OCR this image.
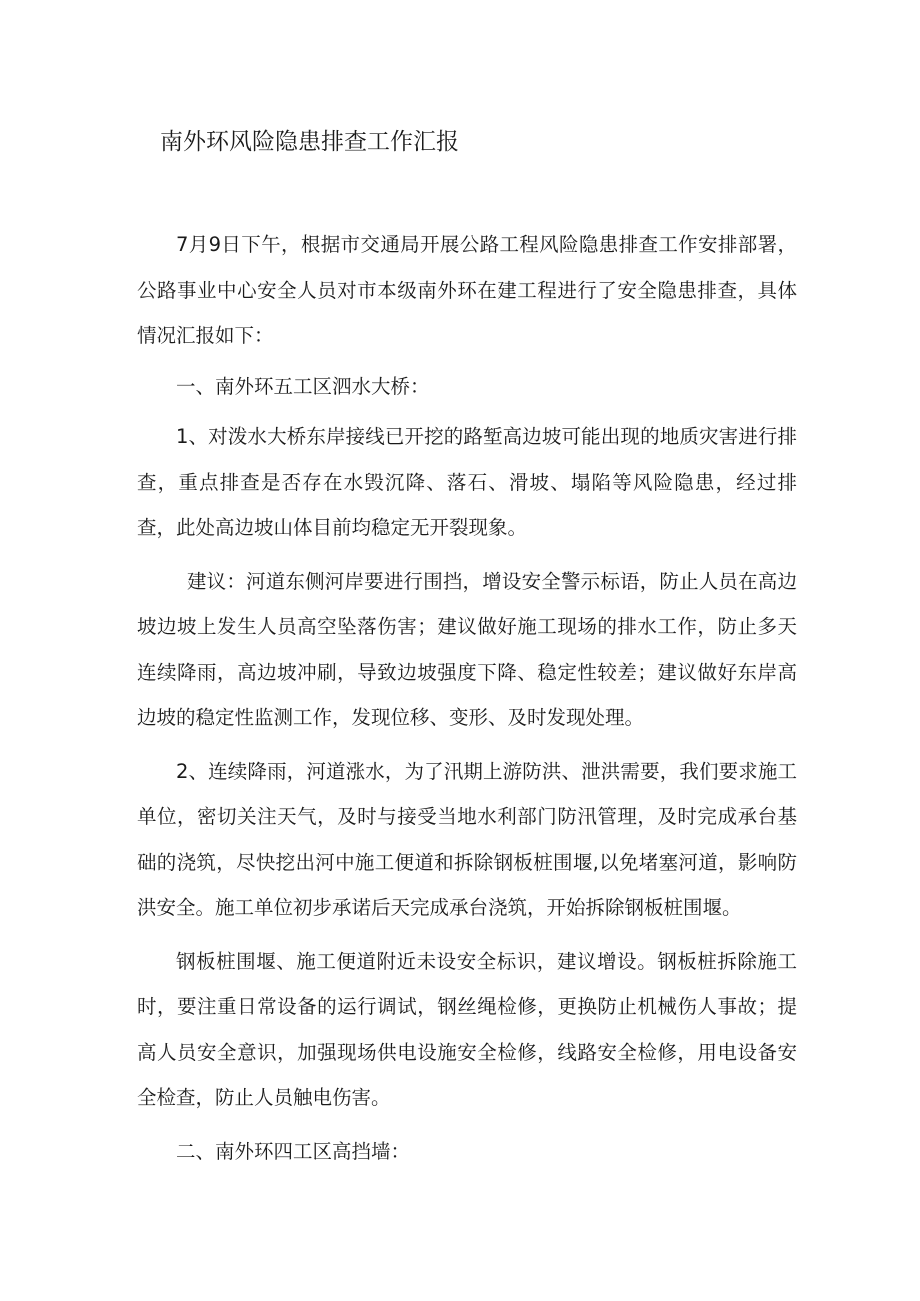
南外环风险隐患排查工作汇报

7月9日下午，根据市交通局开展公路工程风险隐患排查工作安排部署，公路事业中心安全人员对市本级南外环在建工程进行了安全隐患排查，具体情况汇报如下：

一、南外环五工区泗水大桥：

1、对泼水大桥东岸接线已开挖的路堑高边坡可能出现的地质灾害进行排查，重点排查是否存在水毁沉降、落石、滑坡、塌陷等风险隐患，经过排查，此处高边坡山体目前均稳定无开裂现象。

建议：河道东侧河岸要进行围挡，增设安全警示标语，防止人员在高边坡边坡上发生人员高空坠落伤害；建议做好施工现场的排水工作，防止多天连续降雨，高边坡冲刷，导致边坡强度下降、稳定性较差；建议做好东岸高边坡的稳定性监测工作，发现位移、变形、及时发现处理。

2、连续降雨，河道涨水，为了汛期上游防洪、泄洪需要，我们要求施工单位，密切关注天气，及时与接受当地水利部门防汛管理，及时完成承台基础的浇筑，尽快挖出河中施工便道和拆除钢板桩围堰,以免堵塞河道，影响防洪安全。施工单位初步承诺后天完成承台浇筑，开始拆除钢板桩围堰。

钢板桩围堰、施工便道附近未设安全标识，建议增设。钢板桩拆除施工时，要注重日常设备的运行调试，钢丝绳检修，更换防止机械伤人事故；提高人员安全意识，加强现场供电设施安全检修，线路安全检修，用电设备安全检查，防止人员触电伤害。

二、南外环四工区高挡墙：
